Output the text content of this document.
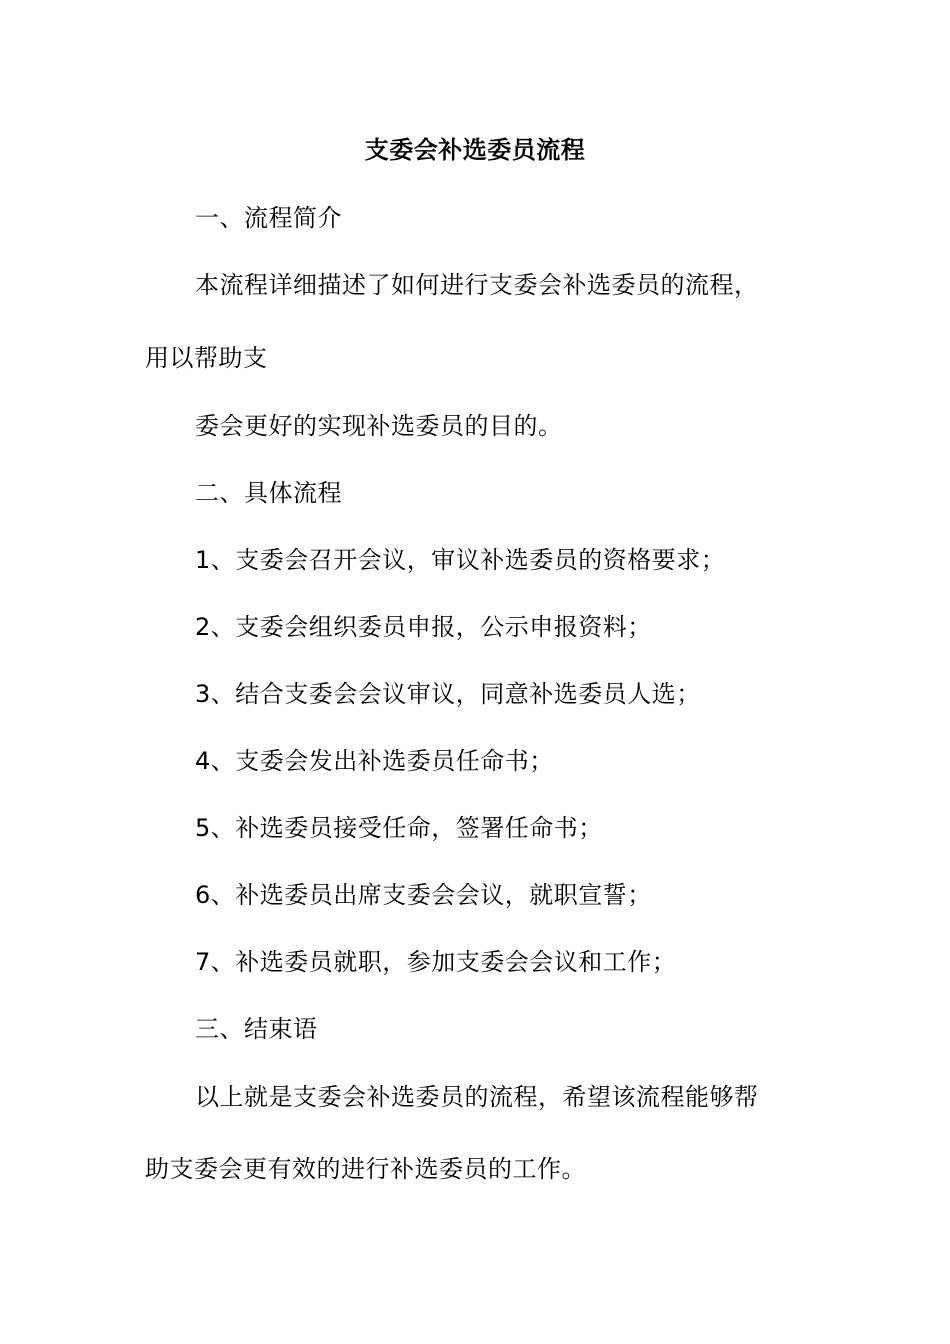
支委会补选委员流程
一、流程简介
本流程详细描述了如何进行支委会补选委员的流程，
用以帮助支
委会更好的实现补选委员的目的。
二、具体流程
1、支委会召开会议，审议补选委员的资格要求；
2、支委会组织委员申报，公示申报资料；
3、结合支委会会议审议，同意补选委员人选；
4、支委会发出补选委员任命书；
5、补选委员接受任命，签署任命书；
6、补选委员出席支委会会议，就职宣誓；
7、补选委员就职，参加支委会会议和工作；
三、结束语
以上就是支委会补选委员的流程，希望该流程能够帮
助支委会更有效的进行补选委员的工作。
